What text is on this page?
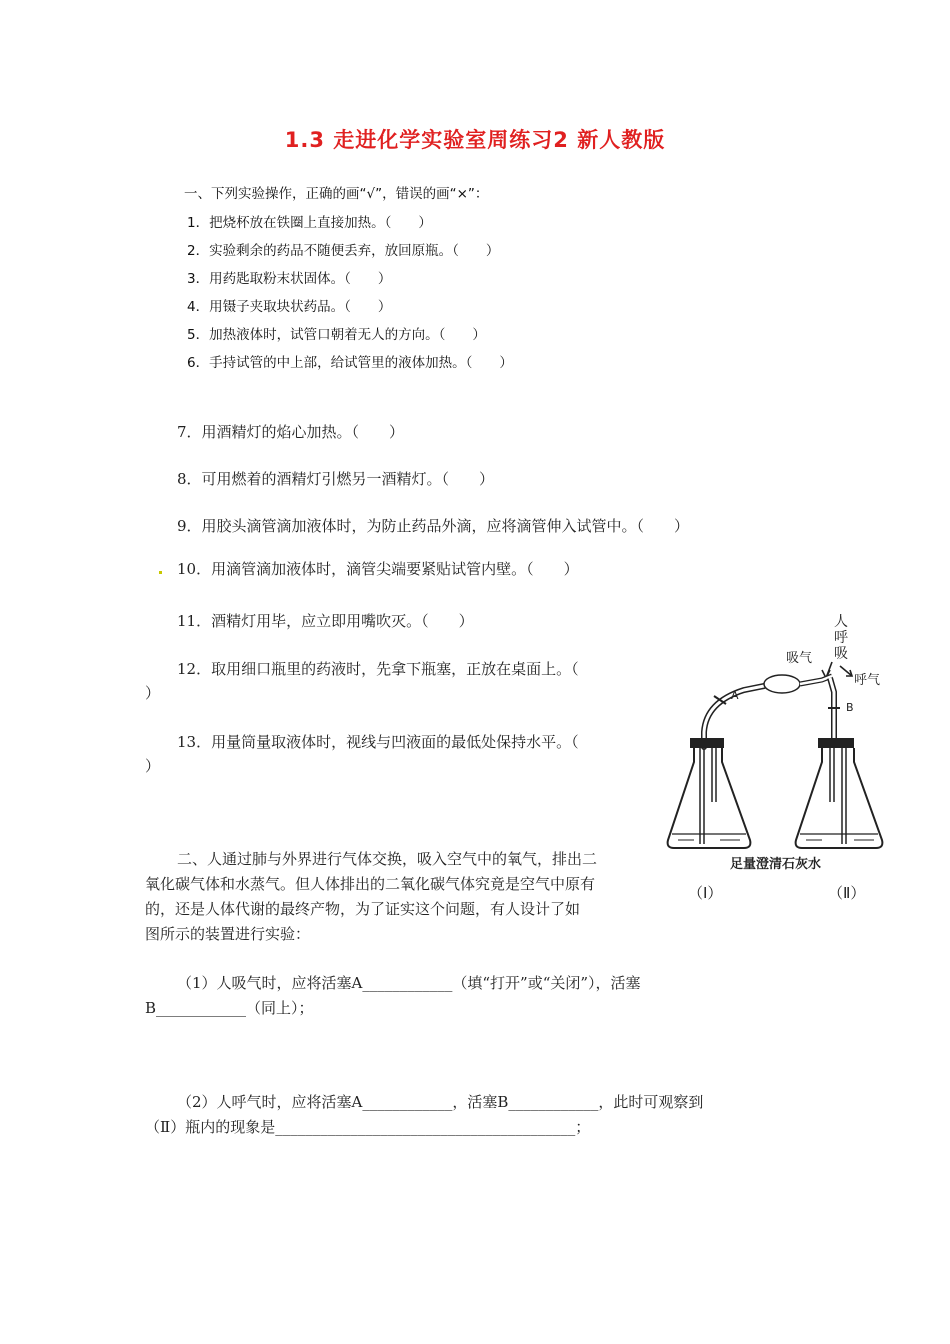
1.3 走进化学实验室周练习2 新人教版
一、下列实验操作，正确的画“√”，错误的画“×”：
1．把烧杯放在铁圈上直接加热。（　　）
2．实验剩余的药品不随便丢弃，放回原瓶。（　　）
3．用药匙取粉末状固体。（　　）
4．用镊子夹取块状药品。（　　）
5．加热液体时，试管口朝着无人的方向。（　　）
6．手持试管的中上部，给试管里的液体加热。（　　）
7．用酒精灯的焰心加热。（　　）
8．可用燃着的酒精灯引燃另一酒精灯。（　　）
9．用胶头滴管滴加液体时，为防止药品外滴，应将滴管伸入试管中。（　　）
10．用滴管滴加液体时，滴管尖端要紧贴试管内壁。（　　）
11．酒精灯用毕，应立即用嘴吹灭。（　　）
12．取用细口瓶里的药液时，先拿下瓶塞，正放在桌面上。（
）
13．用量筒量取液体时，视线与凹液面的最低处保持水平。（
）
二、人通过肺与外界进行气体交换，吸入空气中的氧气，排出二
氧化碳气体和水蒸气。但人体排出的二氧化碳气体究竟是空气中原有
的，还是人体代谢的最终产物，为了证实这个问题，有人设计了如
图所示的装置进行实验：
（1）人吸气时，应将活塞A____________（填“打开”或“关闭”），活塞
B____________（同上）；
（2）人呼气时，应将活塞A____________，活塞B____________，此时可观察到
（Ⅱ）瓶内的现象是________________________________________；
人
呼
吸
吸气
呼气
A
B
足量澄清石灰水
（Ⅰ）	（Ⅱ）
